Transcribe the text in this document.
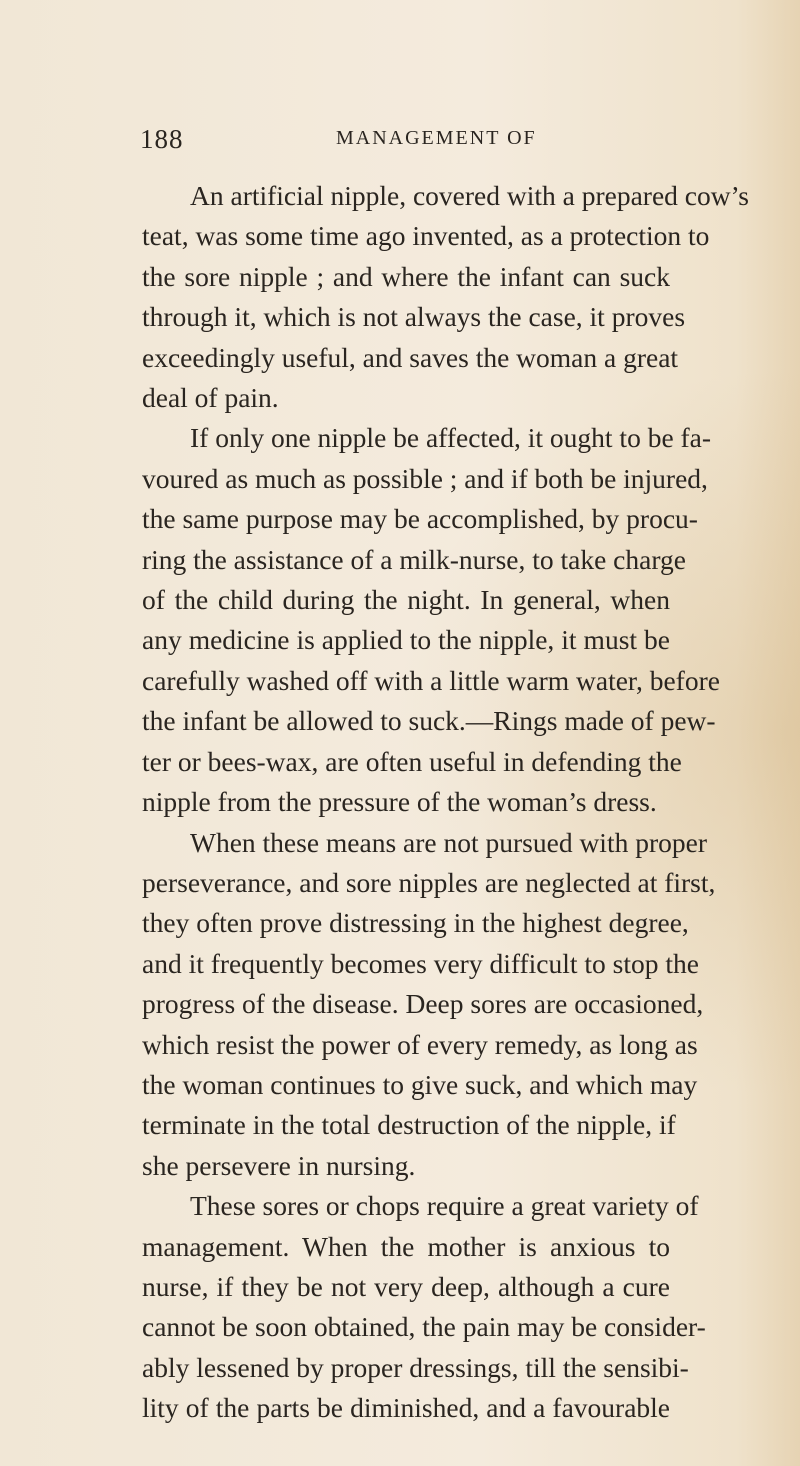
188	MANAGEMENT OF

An artificial nipple, covered with a prepared cow’s
teat, was some time ago invented, as a protection to
the sore nipple ; and where the infant can suck
through it, which is not always the case, it proves
exceedingly useful, and saves the woman a great
deal of pain.

If only one nipple be affected, it ought to be fa-
voured as much as possible ; and if both be injured,
the same purpose may be accomplished, by procu-
ring the assistance of a milk-nurse, to take charge
of the child during the night. In general, when
any medicine is applied to the nipple, it must be
carefully washed off with a little warm water, before
the infant be allowed to suck.—Rings made of pew-
ter or bees-wax, are often useful in defending the
nipple from the pressure of the woman’s dress.

When these means are not pursued with proper
perseverance, and sore nipples are neglected at first,
they often prove distressing in the highest degree,
and it frequently becomes very difficult to stop the
progress of the disease. Deep sores are occasioned,
which resist the power of every remedy, as long as
the woman continues to give suck, and which may
terminate in the total destruction of the nipple, if
she persevere in nursing.

These sores or chops require a great variety of
management. When the mother is anxious to
nurse, if they be not very deep, although a cure
cannot be soon obtained, the pain may be consider-
ably lessened by proper dressings, till the sensibi-
lity of the parts be diminished, and a favourable
